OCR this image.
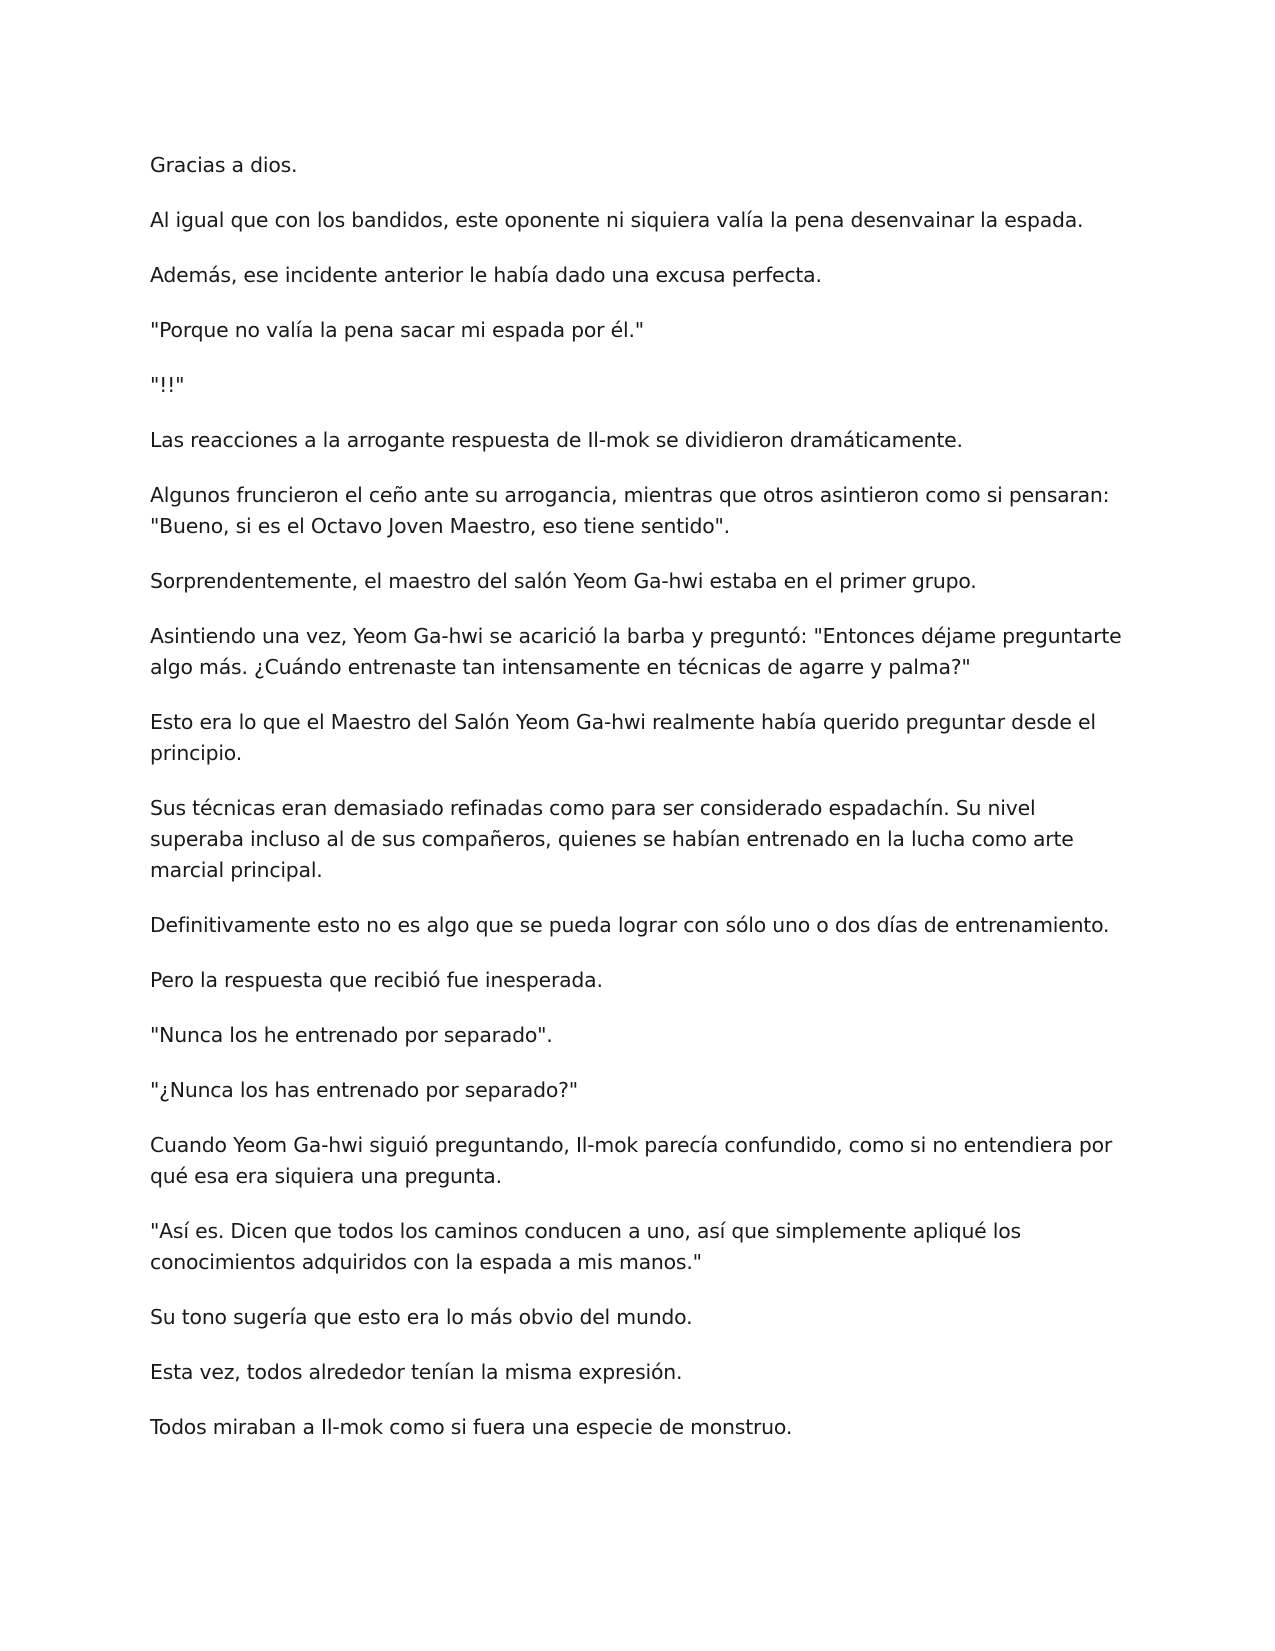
Gracias a dios.

Al igual que con los bandidos, este oponente ni siquiera valía la pena desenvainar la espada.

Además, ese incidente anterior le había dado una excusa perfecta.

"Porque no valía la pena sacar mi espada por él."

"!!"

Las reacciones a la arrogante respuesta de Il-mok se dividieron dramáticamente.

Algunos fruncieron el ceño ante su arrogancia, mientras que otros asintieron como si pensaran: "Bueno, si es el Octavo Joven Maestro, eso tiene sentido".

Sorprendentemente, el maestro del salón Yeom Ga-hwi estaba en el primer grupo.

Asintiendo una vez, Yeom Ga-hwi se acarició la barba y preguntó: "Entonces déjame preguntarte algo más. ¿Cuándo entrenaste tan intensamente en técnicas de agarre y palma?"

Esto era lo que el Maestro del Salón Yeom Ga-hwi realmente había querido preguntar desde el principio.

Sus técnicas eran demasiado refinadas como para ser considerado espadachín. Su nivel superaba incluso al de sus compañeros, quienes se habían entrenado en la lucha como arte marcial principal.

Definitivamente esto no es algo que se pueda lograr con sólo uno o dos días de entrenamiento.

Pero la respuesta que recibió fue inesperada.

"Nunca los he entrenado por separado".

"¿Nunca los has entrenado por separado?"

Cuando Yeom Ga-hwi siguió preguntando, Il-mok parecía confundido, como si no entendiera por qué esa era siquiera una pregunta.

"Así es. Dicen que todos los caminos conducen a uno, así que simplemente apliqué los conocimientos adquiridos con la espada a mis manos."

Su tono sugería que esto era lo más obvio del mundo.

Esta vez, todos alrededor tenían la misma expresión.

Todos miraban a Il-mok como si fuera una especie de monstruo.
